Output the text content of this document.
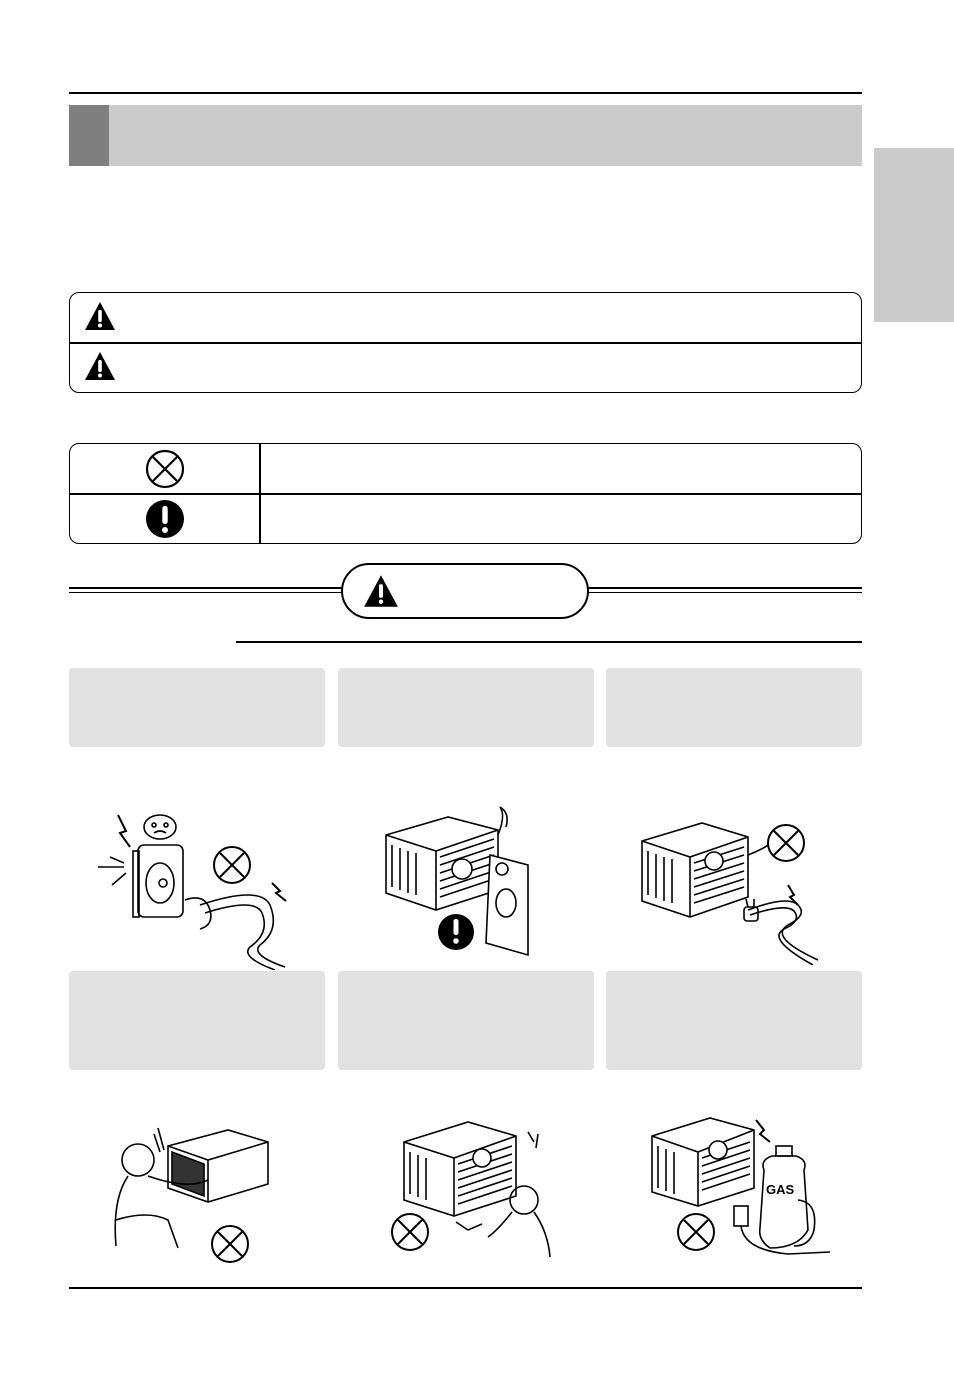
GAS
